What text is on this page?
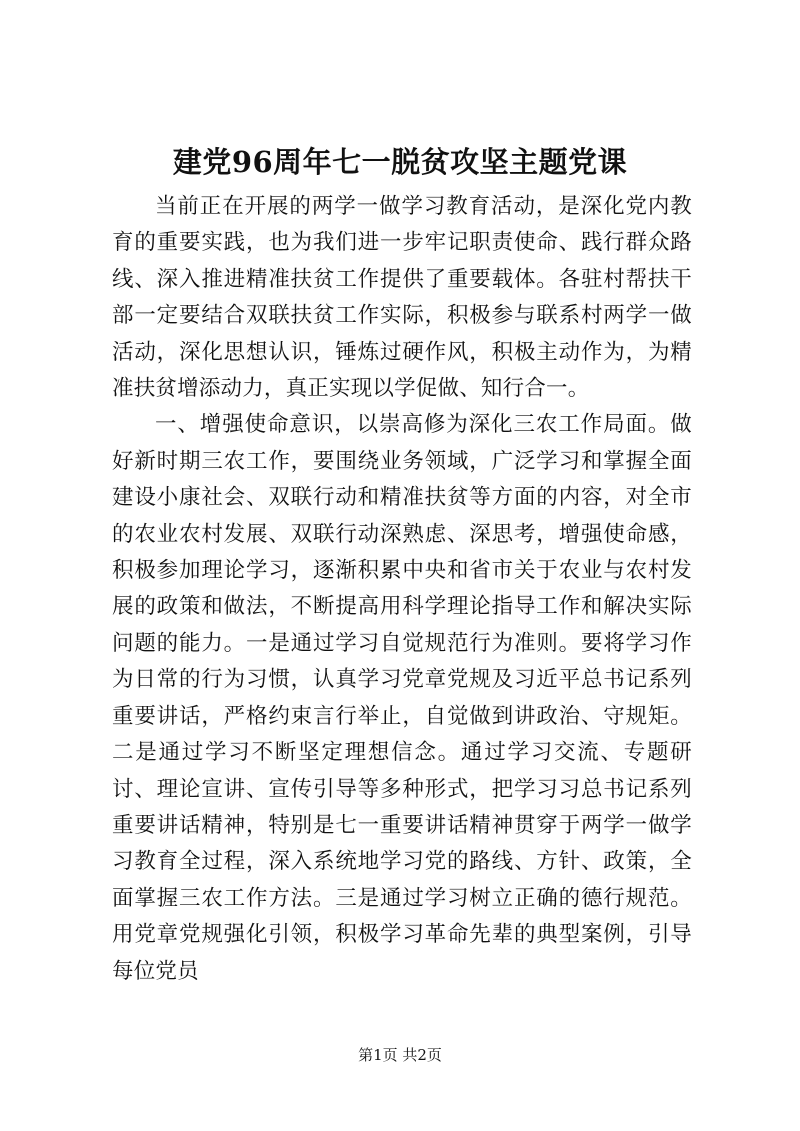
建党96周年七一脱贫攻坚主题党课

当前正在开展的两学一做学习教育活动，是深化党内教育的重要实践，也为我们进一步牢记职责使命、践行群众路线、深入推进精准扶贫工作提供了重要载体。各驻村帮扶干部一定要结合双联扶贫工作实际，积极参与联系村两学一做活动，深化思想认识，锤炼过硬作风，积极主动作为，为精准扶贫增添动力，真正实现以学促做、知行合一。

一、增强使命意识，以崇高修为深化三农工作局面。做好新时期三农工作，要围绕业务领域，广泛学习和掌握全面建设小康社会、双联行动和精准扶贫等方面的内容，对全市的农业农村发展、双联行动深熟虑、深思考，增强使命感，积极参加理论学习，逐渐积累中央和省市关于农业与农村发展的政策和做法，不断提高用科学理论指导工作和解决实际问题的能力。一是通过学习自觉规范行为准则。要将学习作为日常的行为习惯，认真学习党章党规及习近平总书记系列重要讲话，严格约束言行举止，自觉做到讲政治、守规矩。二是通过学习不断坚定理想信念。通过学习交流、专题研讨、理论宣讲、宣传引导等多种形式，把学习习总书记系列重要讲话精神，特别是七一重要讲话精神贯穿于两学一做学习教育全过程，深入系统地学习党的路线、方针、政策，全面掌握三农工作方法。三是通过学习树立正确的德行规范。用党章党规强化引领，积极学习革命先辈的典型案例，引导每位党员

第1页 共2页
